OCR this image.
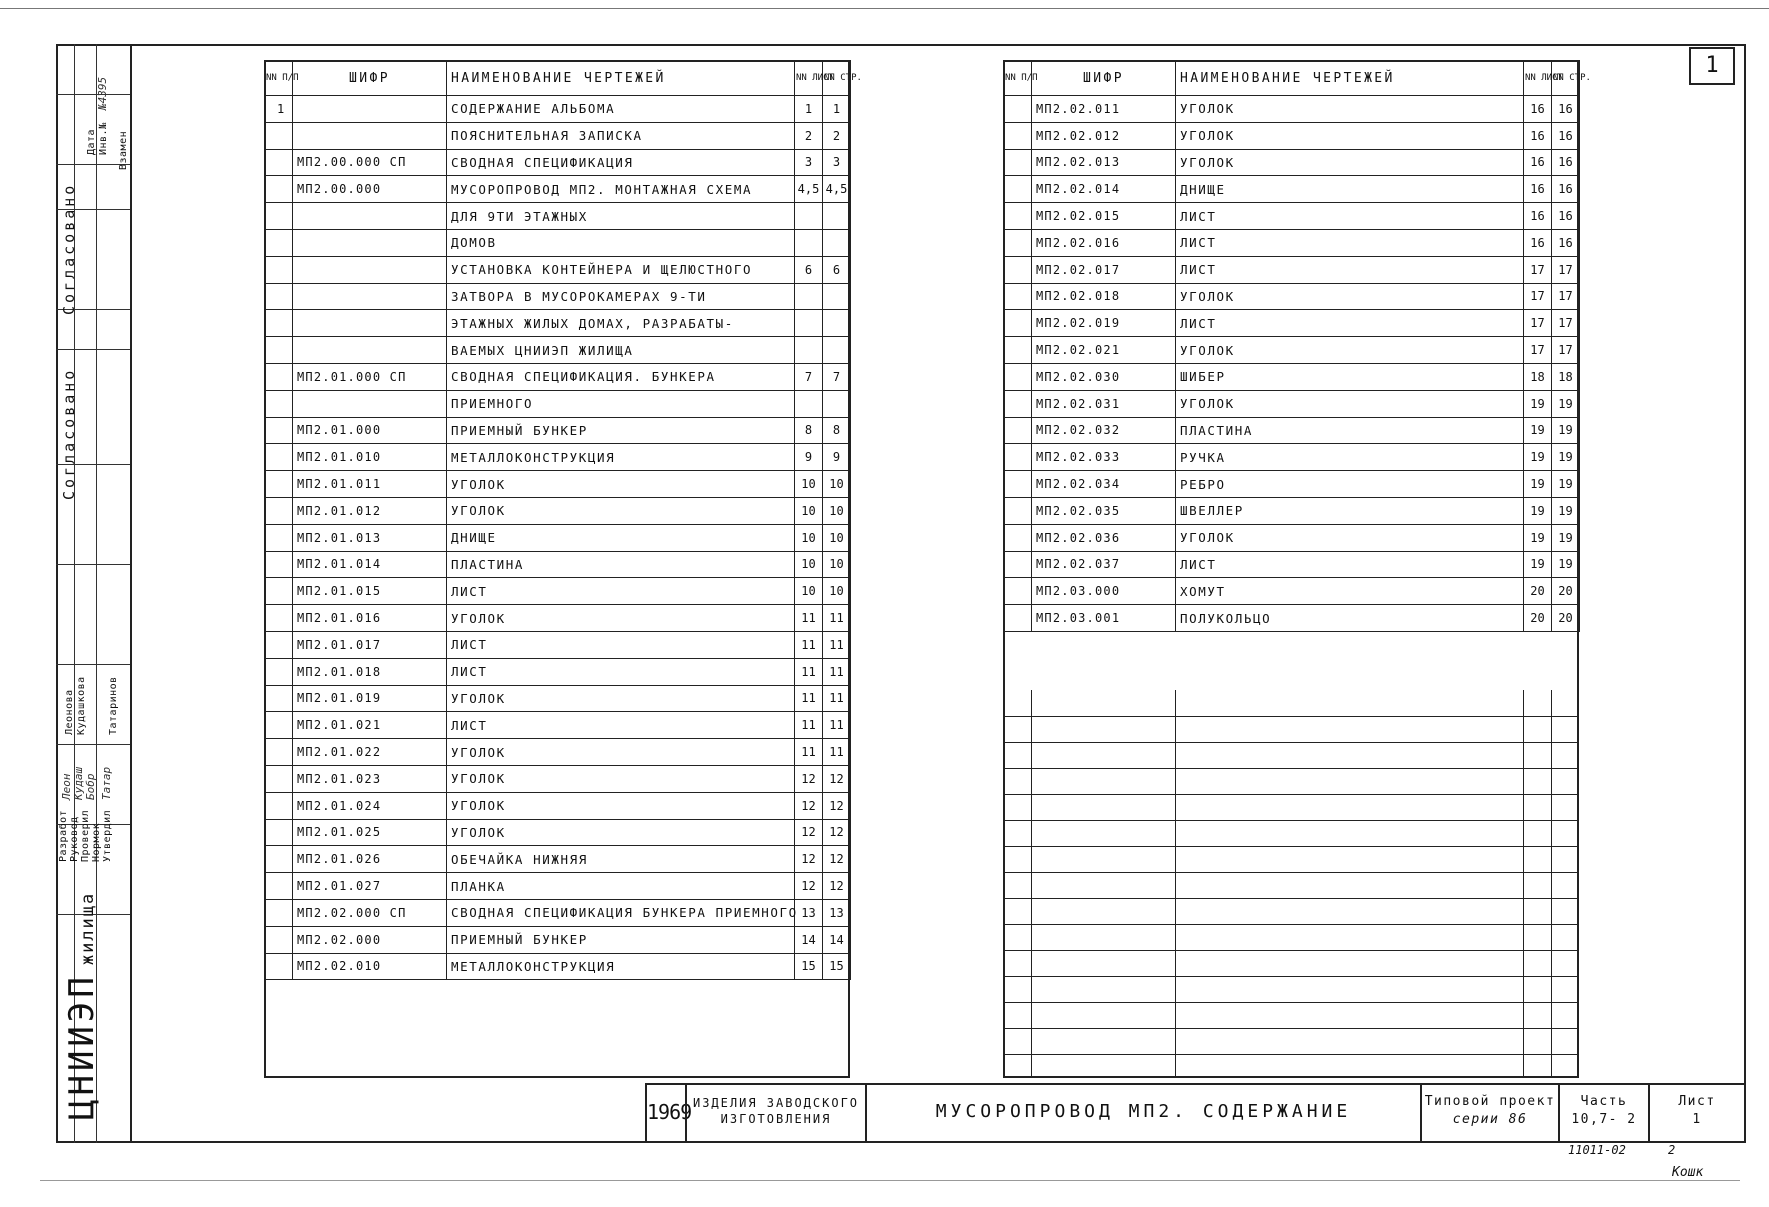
Дата Инв.№ Взамен
№4395
Согласовано
Согласовано
Разработ Руковод Проверил Нормок Утвердил
Леон Кудаш Бобр Татар
Леонова Кудашкова Татаринов
ЦНИИЭПжилища
1
NN П/П	ШИФР	НАИМЕНОВАНИЕ ЧЕРТЕЖЕЙ	NN ЛИСТ	NN СТР.
1		СОДЕРЖАНИЕ АЛЬБОМА	1	1
		ПОЯСНИТЕЛЬНАЯ ЗАПИСКА	2	2
	МП2.00.000 СП	СВОДНАЯ СПЕЦИФИКАЦИЯ	3	3
	МП2.00.000	МУСОРОПРОВОД МП2. МОНТАЖНАЯ СХЕМА	4,5	4,5
		ДЛЯ 9ТИ ЭТАЖНЫХ		
		ДОМОВ		
		УСТАНОВКА КОНТЕЙНЕРА И ЩЕЛЮСТНОГО	6	6
		ЗАТВОРА В МУСОРОКАМЕРАХ 9-ТИ		
		ЭТАЖНЫХ ЖИЛЫХ ДОМАХ, РАЗРАБАТЫ-		
		ВАЕМЫХ ЦНИИЭП ЖИЛИЩА		
	МП2.01.000 СП	СВОДНАЯ СПЕЦИФИКАЦИЯ. БУНКЕРА	7	7
		ПРИЕМНОГО		
	МП2.01.000	ПРИЕМНЫЙ БУНКЕР	8	8
	МП2.01.010	МЕТАЛЛОКОНСТРУКЦИЯ	9	9
	МП2.01.011	УГОЛОК	10	10
	МП2.01.012	УГОЛОК	10	10
	МП2.01.013	ДНИЩЕ	10	10
	МП2.01.014	ПЛАСТИНА	10	10
	МП2.01.015	ЛИСТ	10	10
	МП2.01.016	УГОЛОК	11	11
	МП2.01.017	ЛИСТ	11	11
	МП2.01.018	ЛИСТ	11	11
	МП2.01.019	УГОЛОК	11	11
	МП2.01.021	ЛИСТ	11	11
	МП2.01.022	УГОЛОК	11	11
	МП2.01.023	УГОЛОК	12	12
	МП2.01.024	УГОЛОК	12	12
	МП2.01.025	УГОЛОК	12	12
	МП2.01.026	ОБЕЧАЙКА НИЖНЯЯ	12	12
	МП2.01.027	ПЛАНКА	12	12
	МП2.02.000 СП	СВОДНАЯ СПЕЦИФИКАЦИЯ БУНКЕРА ПРИЕМНОГО	13	13
	МП2.02.000	ПРИЕМНЫЙ БУНКЕР	14	14
	МП2.02.010	МЕТАЛЛОКОНСТРУКЦИЯ	15	15
NN П/П	ШИФР	НАИМЕНОВАНИЕ ЧЕРТЕЖЕЙ	NN ЛИСТ	NN СТР.
	МП2.02.011	УГОЛОК	16	16
	МП2.02.012	УГОЛОК	16	16
	МП2.02.013	УГОЛОК	16	16
	МП2.02.014	ДНИЩЕ	16	16
	МП2.02.015	ЛИСТ	16	16
	МП2.02.016	ЛИСТ	16	16
	МП2.02.017	ЛИСТ	17	17
	МП2.02.018	УГОЛОК	17	17
	МП2.02.019	ЛИСТ	17	17
	МП2.02.021	УГОЛОК	17	17
	МП2.02.030	ШИБЕР	18	18
	МП2.02.031	УГОЛОК	19	19
	МП2.02.032	ПЛАСТИНА	19	19
	МП2.02.033	РУЧКА	19	19
	МП2.02.034	РЕБРО	19	19
	МП2.02.035	ШВЕЛЛЕР	19	19
	МП2.02.036	УГОЛОК	19	19
	МП2.02.037	ЛИСТ	19	19
	МП2.03.000	ХОМУТ	20	20
	МП2.03.001	ПОЛУКОЛЬЦО	20	20
1969 ИЗДЕЛИЯ ЗАВОДСКОГО
ИЗГОТОВЛЕНИЯ	МУСОРОПРОВОД МП2. СОДЕРЖАНИЕ	Типовой проект
серии 86
Часть
10,7- 2
Лист
1
11011-02	2
Кошк
